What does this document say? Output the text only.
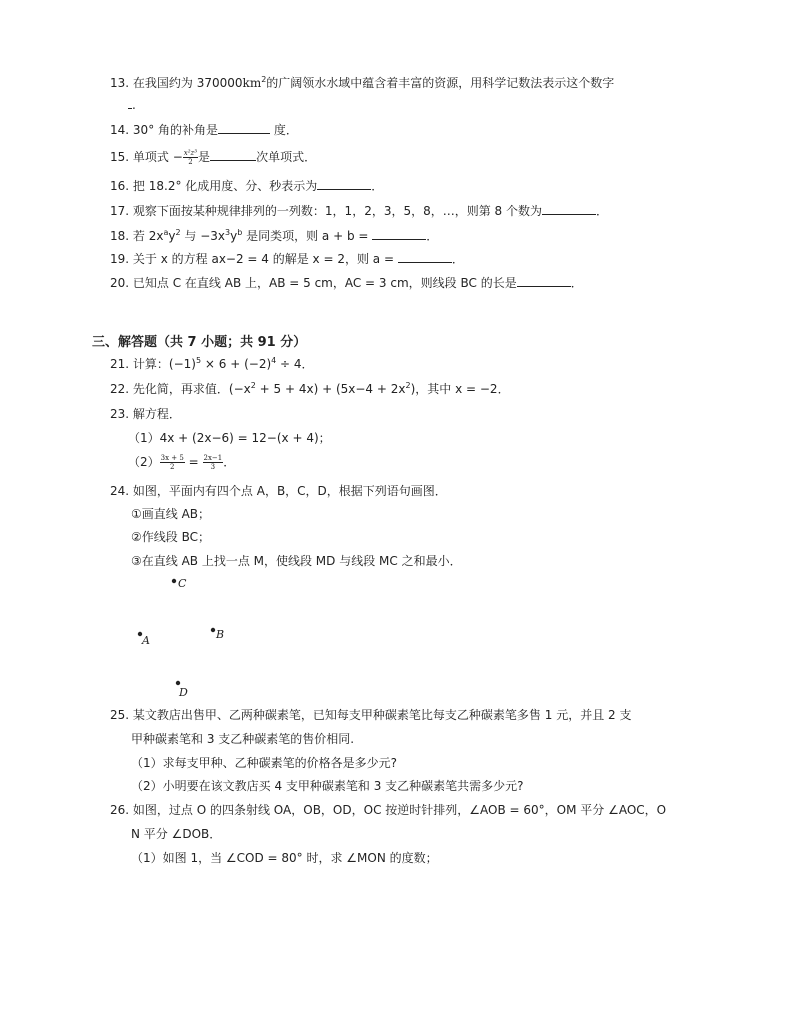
13. 在我国约为 $370000km^2$的广阔领水水域中蕴含着丰富的资源，用科学记数法表示这个数字
.
14. 30° 角的补角是	度．
15. 单项式 − $\frac{\text{x²z³}}{2}$ 是	次单项式．
16. 把 18.2° 化成用度、分、秒表示为	．
17. 观察下面按某种规律排列的一列数：1，1，2，3，5，8，…，则第 8 个数为	．
18. 若 $2x^ay^2$ 与 $-3x^3y^b$ 是同类项，则 a + b =	．
19. 关于 x 的方程 ax−2 = 4 的解是 x = 2，则 a =	．
20. 已知点 C 在直线 AB 上，AB = 5 cm，AC = 3 cm，则线段 BC 的长是	．
三、解答题（共 7 小题；共 91 分）
21. 计算：$(-1)^5 \times 6 + (-2)^4 \div 4$．
22. 先化简，再求值．$(-x^2 + 5 + 4x) + (5x-4 + 2x^2)$，其中 x = −2．
23. 解方程．
（1）4x + (2x−6) = 12−(x + 4)；
$(2) \frac{3x + 5}{2} = \frac{2x-1}{3}$ ．
24. 如图，平面内有四个点 A，B，C，D，根据下列语句画图．
①画直线 AB；
②作线段 BC；
③在直线 AB 上找一点 M，使线段 MD 与线段 MC 之和最小．
C
A	B
D
25. 某文教店出售甲、乙两种碳素笔，已知每支甲种碳素笔比每支乙种碳素笔多售 1 元，并且 2 支
甲种碳素笔和 3 支乙种碳素笔的售价相同.
（1）求每支甲种、乙种碳素笔的价格各是多少元?
（2）小明要在该文教店买 4 支甲种碳素笔和 3 支乙种碳素笔共需多少元?
26. 如图，过点 O 的四条射线 OA，OB，OD，OC 按逆时针排列，∠AOB = 60°，OM 平分 ∠AOC，O
N 平分 ∠DOB．
（1）如图 1，当 ∠COD = 80° 时，求 ∠MON 的度数；
